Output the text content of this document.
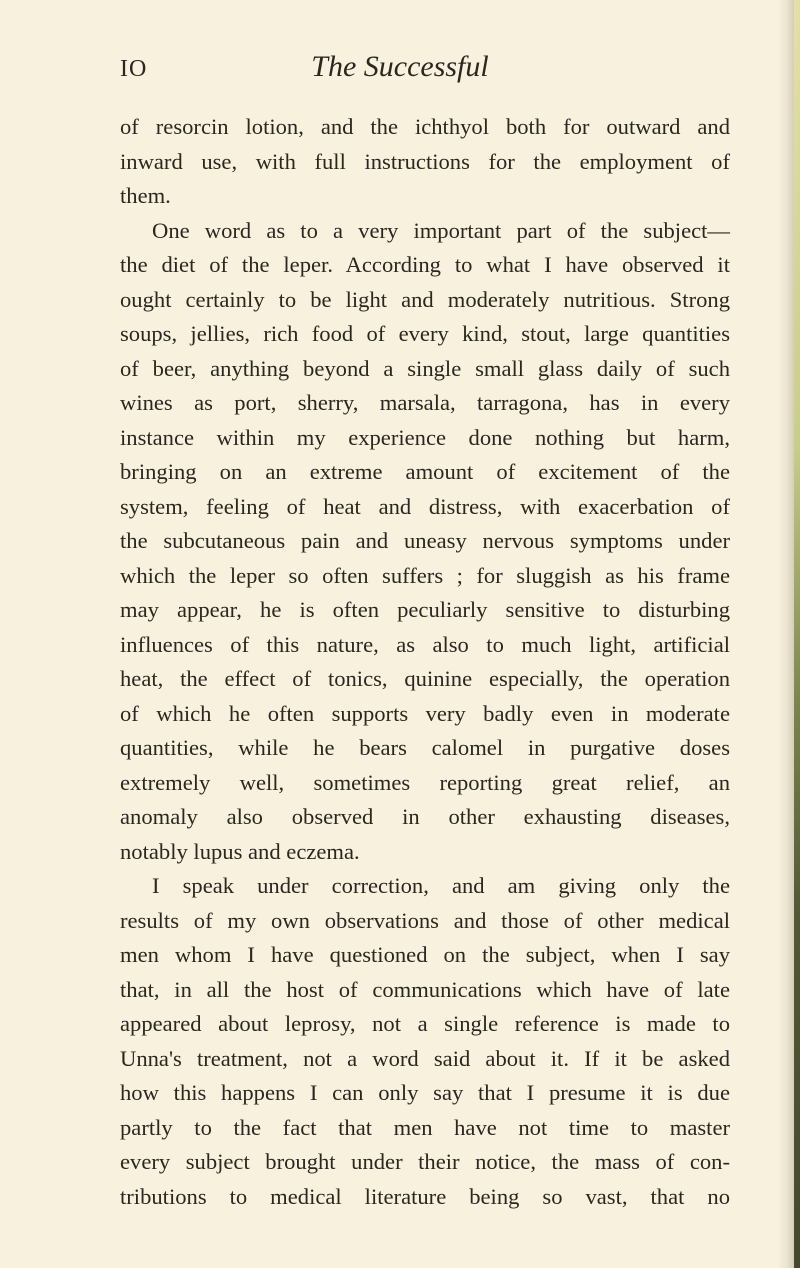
IO	The Successful
of resorcin lotion, and the ichthyol both for outward and
inward use, with full instructions for the employment of
them.
One word as to a very important part of the subject—
the diet of the leper. According to what I have observed it
ought certainly to be light and moderately nutritious. Strong
soups, jellies, rich food of every kind, stout, large quantities
of beer, anything beyond a single small glass daily of such
wines as port, sherry, marsala, tarragona, has in every
instance within my experience done nothing but harm,
bringing on an extreme amount of excitement of the
system, feeling of heat and distress, with exacerbation of
the subcutaneous pain and uneasy nervous symptoms under
which the leper so often suffers ; for sluggish as his frame
may appear, he is often peculiarly sensitive to disturbing
influences of this nature, as also to much light, artificial
heat, the effect of tonics, quinine especially, the operation
of which he often supports very badly even in moderate
quantities, while he bears calomel in purgative doses
extremely well, sometimes reporting great relief, an
anomaly also observed in other exhausting diseases,
notably lupus and eczema.
I speak under correction, and am giving only the
results of my own observations and those of other medical
men whom I have questioned on the subject, when I say
that, in all the host of communications which have of late
appeared about leprosy, not a single reference is made to
Unna's treatment, not a word said about it. If it be asked
how this happens I can only say that I presume it is due
partly to the fact that men have not time to master
every subject brought under their notice, the mass of con-
tributions to medical literature being so vast, that no
